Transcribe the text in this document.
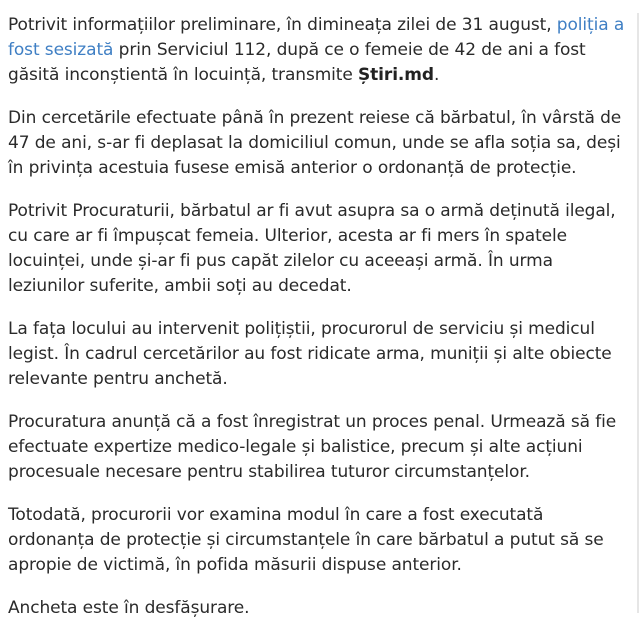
Potrivit informațiilor preliminare, în dimineața zilei de 31 august, poliția a fost sesizată prin Serviciul 112, după ce o femeie de 42 de ani a fost găsită inconștientă în locuință, transmite Știri.md.

Din cercetările efectuate până în prezent reiese că bărbatul, în vârstă de 47 de ani, s-ar fi deplasat la domiciliul comun, unde se afla soția sa, deși în privința acestuia fusese emisă anterior o ordonanță de protecție.

Potrivit Procuraturii, bărbatul ar fi avut asupra sa o armă deținută ilegal, cu care ar fi împușcat femeia. Ulterior, acesta ar fi mers în spatele locuinței, unde și-ar fi pus capăt zilelor cu aceeași armă. În urma leziunilor suferite, ambii soți au decedat.

La fața locului au intervenit polițiștii, procurorul de serviciu și medicul legist. În cadrul cercetărilor au fost ridicate arma, muniții și alte obiecte relevante pentru anchetă.

Procuratura anunță că a fost înregistrat un proces penal. Urmează să fie efectuate expertize medico-legale și balistice, precum și alte acțiuni procesuale necesare pentru stabilirea tuturor circumstanțelor.

Totodată, procurorii vor examina modul în care a fost executată ordonanța de protecție și circumstanțele în care bărbatul a putut să se apropie de victimă, în pofida măsurii dispuse anterior.

Ancheta este în desfășurare.
